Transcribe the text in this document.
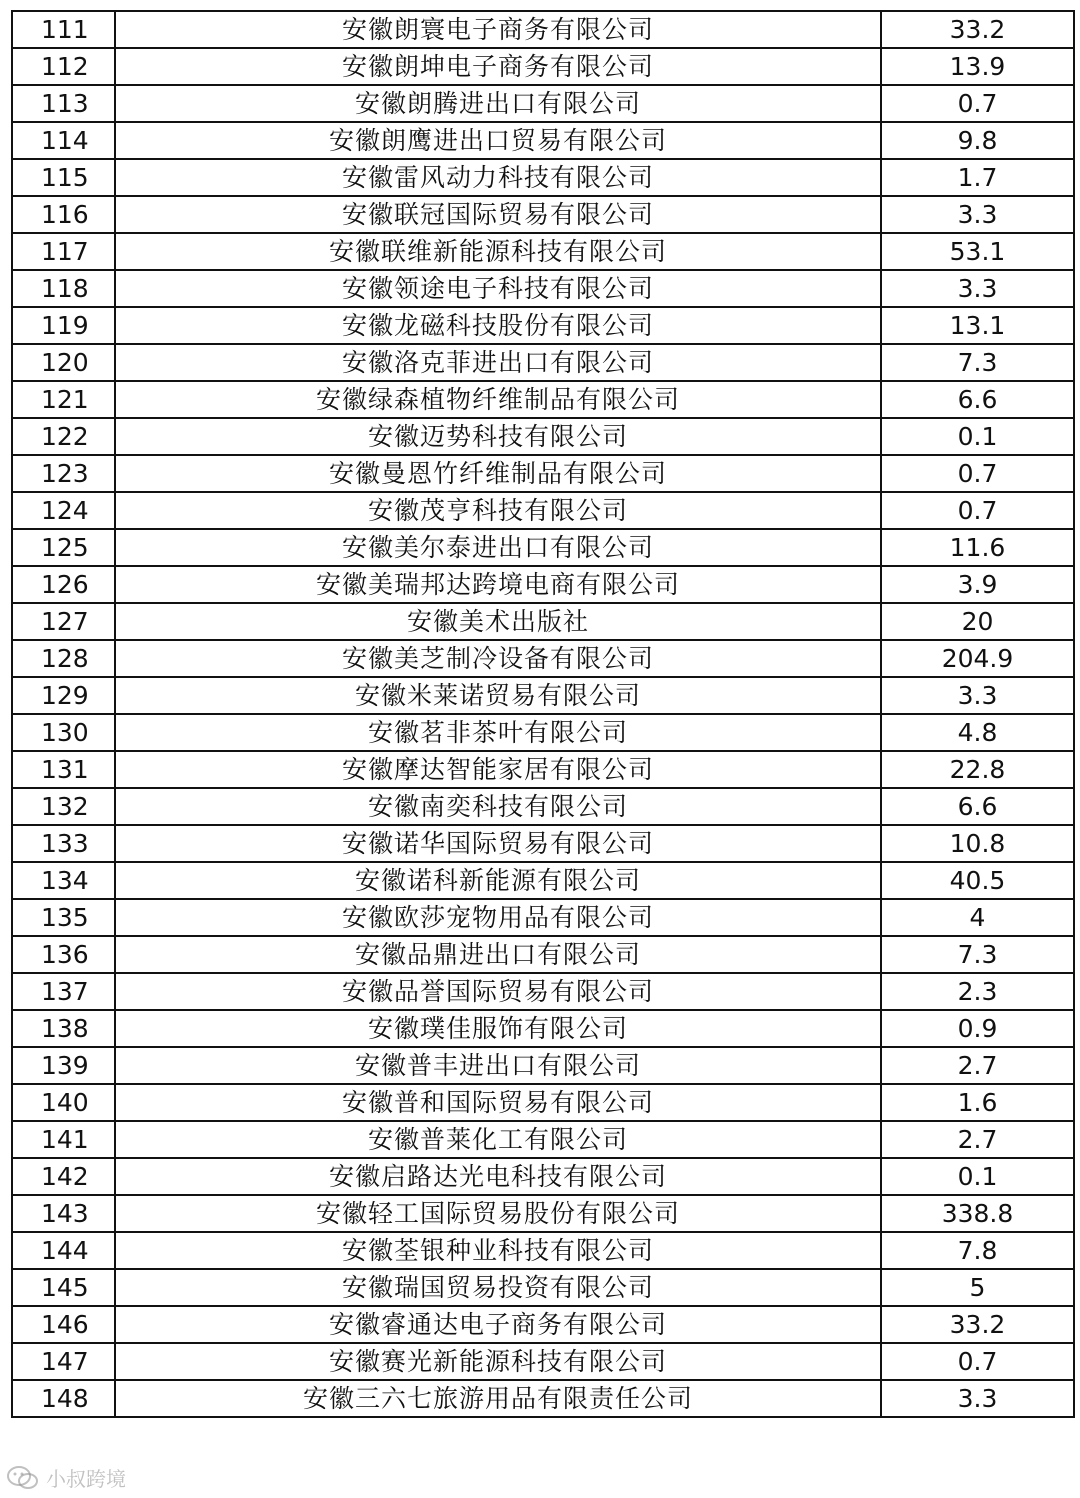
111	安徽朗寰电子商务有限公司	33.2
112	安徽朗坤电子商务有限公司	13.9
113	安徽朗腾进出口有限公司	0.7
114	安徽朗鹰进出口贸易有限公司	9.8
115	安徽雷风动力科技有限公司	1.7
116	安徽联冠国际贸易有限公司	3.3
117	安徽联维新能源科技有限公司	53.1
118	安徽领途电子科技有限公司	3.3
119	安徽龙磁科技股份有限公司	13.1
120	安徽洛克菲进出口有限公司	7.3
121	安徽绿森植物纤维制品有限公司	6.6
122	安徽迈势科技有限公司	0.1
123	安徽曼恩竹纤维制品有限公司	0.7
124	安徽茂亨科技有限公司	0.7
125	安徽美尔泰进出口有限公司	11.6
126	安徽美瑞邦达跨境电商有限公司	3.9
127	安徽美术出版社	20
128	安徽美芝制冷设备有限公司	204.9
129	安徽米莱诺贸易有限公司	3.3
130	安徽茗非茶叶有限公司	4.8
131	安徽摩达智能家居有限公司	22.8
132	安徽南奕科技有限公司	6.6
133	安徽诺华国际贸易有限公司	10.8
134	安徽诺科新能源有限公司	40.5
135	安徽欧莎宠物用品有限公司	4
136	安徽品鼎进出口有限公司	7.3
137	安徽品誉国际贸易有限公司	2.3
138	安徽璞佳服饰有限公司	0.9
139	安徽普丰进出口有限公司	2.7
140	安徽普和国际贸易有限公司	1.6
141	安徽普莱化工有限公司	2.7
142	安徽启路达光电科技有限公司	0.1
143	安徽轻工国际贸易股份有限公司	338.8
144	安徽荃银种业科技有限公司	7.8
145	安徽瑞国贸易投资有限公司	5
146	安徽睿通达电子商务有限公司	33.2
147	安徽赛光新能源科技有限公司	0.7
148	安徽三六七旅游用品有限责任公司	3.3
小叔跨境
